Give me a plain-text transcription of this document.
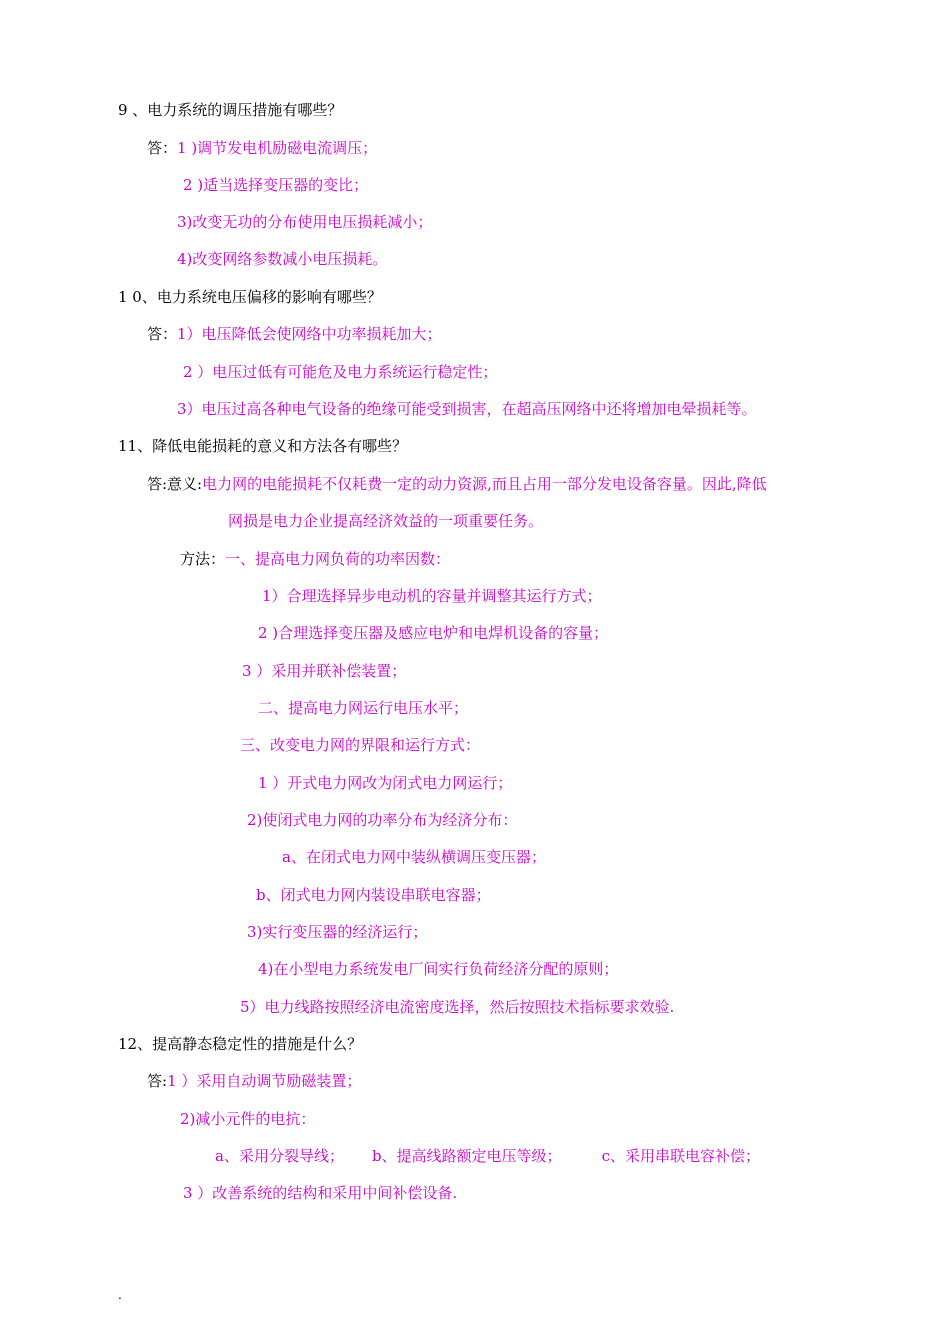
9 、电力系统的调压措施有哪些？
答：1 )调节发电机励磁电流调压；
2 )适当选择变压器的变比；
3)改变无功的分布使用电压损耗减小；
4)改变网络参数减小电压损耗。
1 0、电力系统电压偏移的影响有哪些？
答：1）电压降低会使网络中功率损耗加大；
2 ）电压过低有可能危及电力系统运行稳定性；
3）电压过高各种电气设备的绝缘可能受到损害，在超高压网络中还将增加电晕损耗等。
11、降低电能损耗的意义和方法各有哪些？
答:意义:电力网的电能损耗不仅耗费一定的动力资源,而且占用一部分发电设备容量。因此,降低
网损是电力企业提高经济效益的一项重要任务。
方法：一、提高电力网负荷的功率因数：
1）合理选择异步电动机的容量并调整其运行方式；
2 )合理选择变压器及感应电炉和电焊机设备的容量；
3 ）采用并联补偿装置；
二、提高电力网运行电压水平；
三、改变电力网的界限和运行方式：
1 ）开式电力网改为闭式电力网运行；
2)使闭式电力网的功率分布为经济分布：
a、在闭式电力网中装纵横调压变压器；
b、闭式电力网内装设串联电容器；
3)实行变压器的经济运行；
4)在小型电力系统发电厂间实行负荷经济分配的原则；
5）电力线路按照经济电流密度选择，然后按照技术指标要求效验.
12、提高静态稳定性的措施是什么？
答:1 ）采用自动调节励磁装置；
2)减小元件的电抗：
a、采用分裂导线； b、提高线路额定电压等级；	c、采用串联电容补偿；
3 ）改善系统的结构和采用中间补偿设备.
.
